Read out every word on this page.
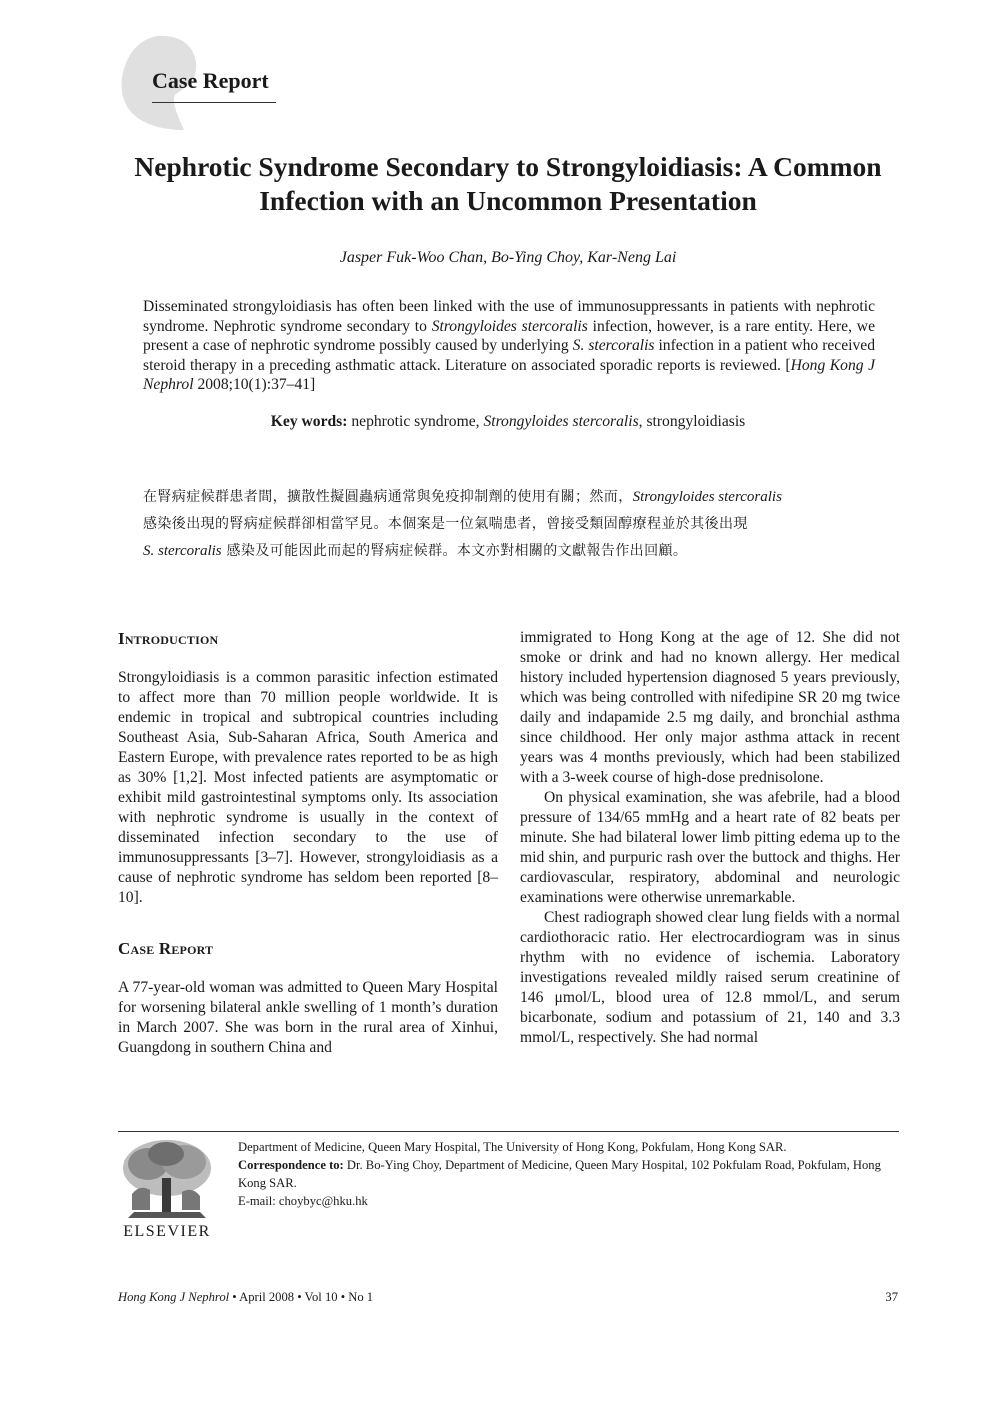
Case Report
Nephrotic Syndrome Secondary to Strongyloidiasis: A Common
Infection with an Uncommon Presentation
Jasper Fuk-Woo Chan, Bo-Ying Choy, Kar-Neng Lai

Disseminated strongyloidiasis has often been linked with the use of immunosuppressants in patients with nephrotic syndrome. Nephrotic syndrome secondary to Strongyloides stercoralis infection, however, is a rare entity. Here, we present a case of nephrotic syndrome possibly caused by underlying S. stercoralis infection in a patient who received steroid therapy in a preceding asthmatic attack. Literature on associated sporadic reports is reviewed. [Hong Kong J Nephrol 2008;10(1):37–41]

Key words: nephrotic syndrome, Strongyloides stercoralis, strongyloidiasis

在腎病症候群患者間，擴散性擬圓蟲病通常與免疫抑制劑的使用有關；然而，Strongyloides stercoralis
感染後出現的腎病症候群卻相當罕見。本個案是一位氣喘患者，曾接受類固醇療程並於其後出現
S. stercoralis 感染及可能因此而起的腎病症候群。本文亦對相關的文獻報告作出回顧。

Introduction

Strongyloidiasis is a common parasitic infection estimated to affect more than 70 million people worldwide. It is endemic in tropical and subtropical countries including Southeast Asia, Sub-Saharan Africa, South America and Eastern Europe, with prevalence rates reported to be as high as 30% [1,2]. Most infected patients are asymptomatic or exhibit mild gastrointestinal symptoms only. Its association with nephrotic syndrome is usually in the context of disseminated infection secondary to the use of immunosuppressants [3–7]. However, strongyloidiasis as a cause of nephrotic syndrome has seldom been reported [8–10].

Case Report

A 77-year-old woman was admitted to Queen Mary Hospital for worsening bilateral ankle swelling of 1 month’s duration in March 2007. She was born in the rural area of Xinhui, Guangdong in southern China and

immigrated to Hong Kong at the age of 12. She did not smoke or drink and had no known allergy. Her medical history included hypertension diagnosed 5 years previously, which was being controlled with nifedipine SR 20 mg twice daily and indapamide 2.5 mg daily, and bronchial asthma since childhood. Her only major asthma attack in recent years was 4 months previously, which had been stabilized with a 3-week course of high-dose prednisolone.

On physical examination, she was afebrile, had a blood pressure of 134/65 mmHg and a heart rate of 82 beats per minute. She had bilateral lower limb pitting edema up to the mid shin, and purpuric rash over the buttock and thighs. Her cardiovascular, respiratory, abdominal and neurologic examinations were otherwise unremarkable.

Chest radiograph showed clear lung fields with a normal cardiothoracic ratio. Her electrocardiogram was in sinus rhythm with no evidence of ischemia. Laboratory investigations revealed mildly raised serum creatinine of 146 μmol/L, blood urea of 12.8 mmol/L, and serum bicarbonate, sodium and potassium of 21, 140 and 3.3 mmol/L, respectively. She had normal

ELSEVIER
Department of Medicine, Queen Mary Hospital, The University of Hong Kong, Pokfulam, Hong Kong SAR.
Correspondence to: Dr. Bo-Ying Choy, Department of Medicine, Queen Mary Hospital, 102 Pokfulam Road, Pokfulam, Hong Kong SAR.
E-mail: choybyc@hku.hk
Hong Kong J Nephrol • April 2008 • Vol 10 • No 1	37
